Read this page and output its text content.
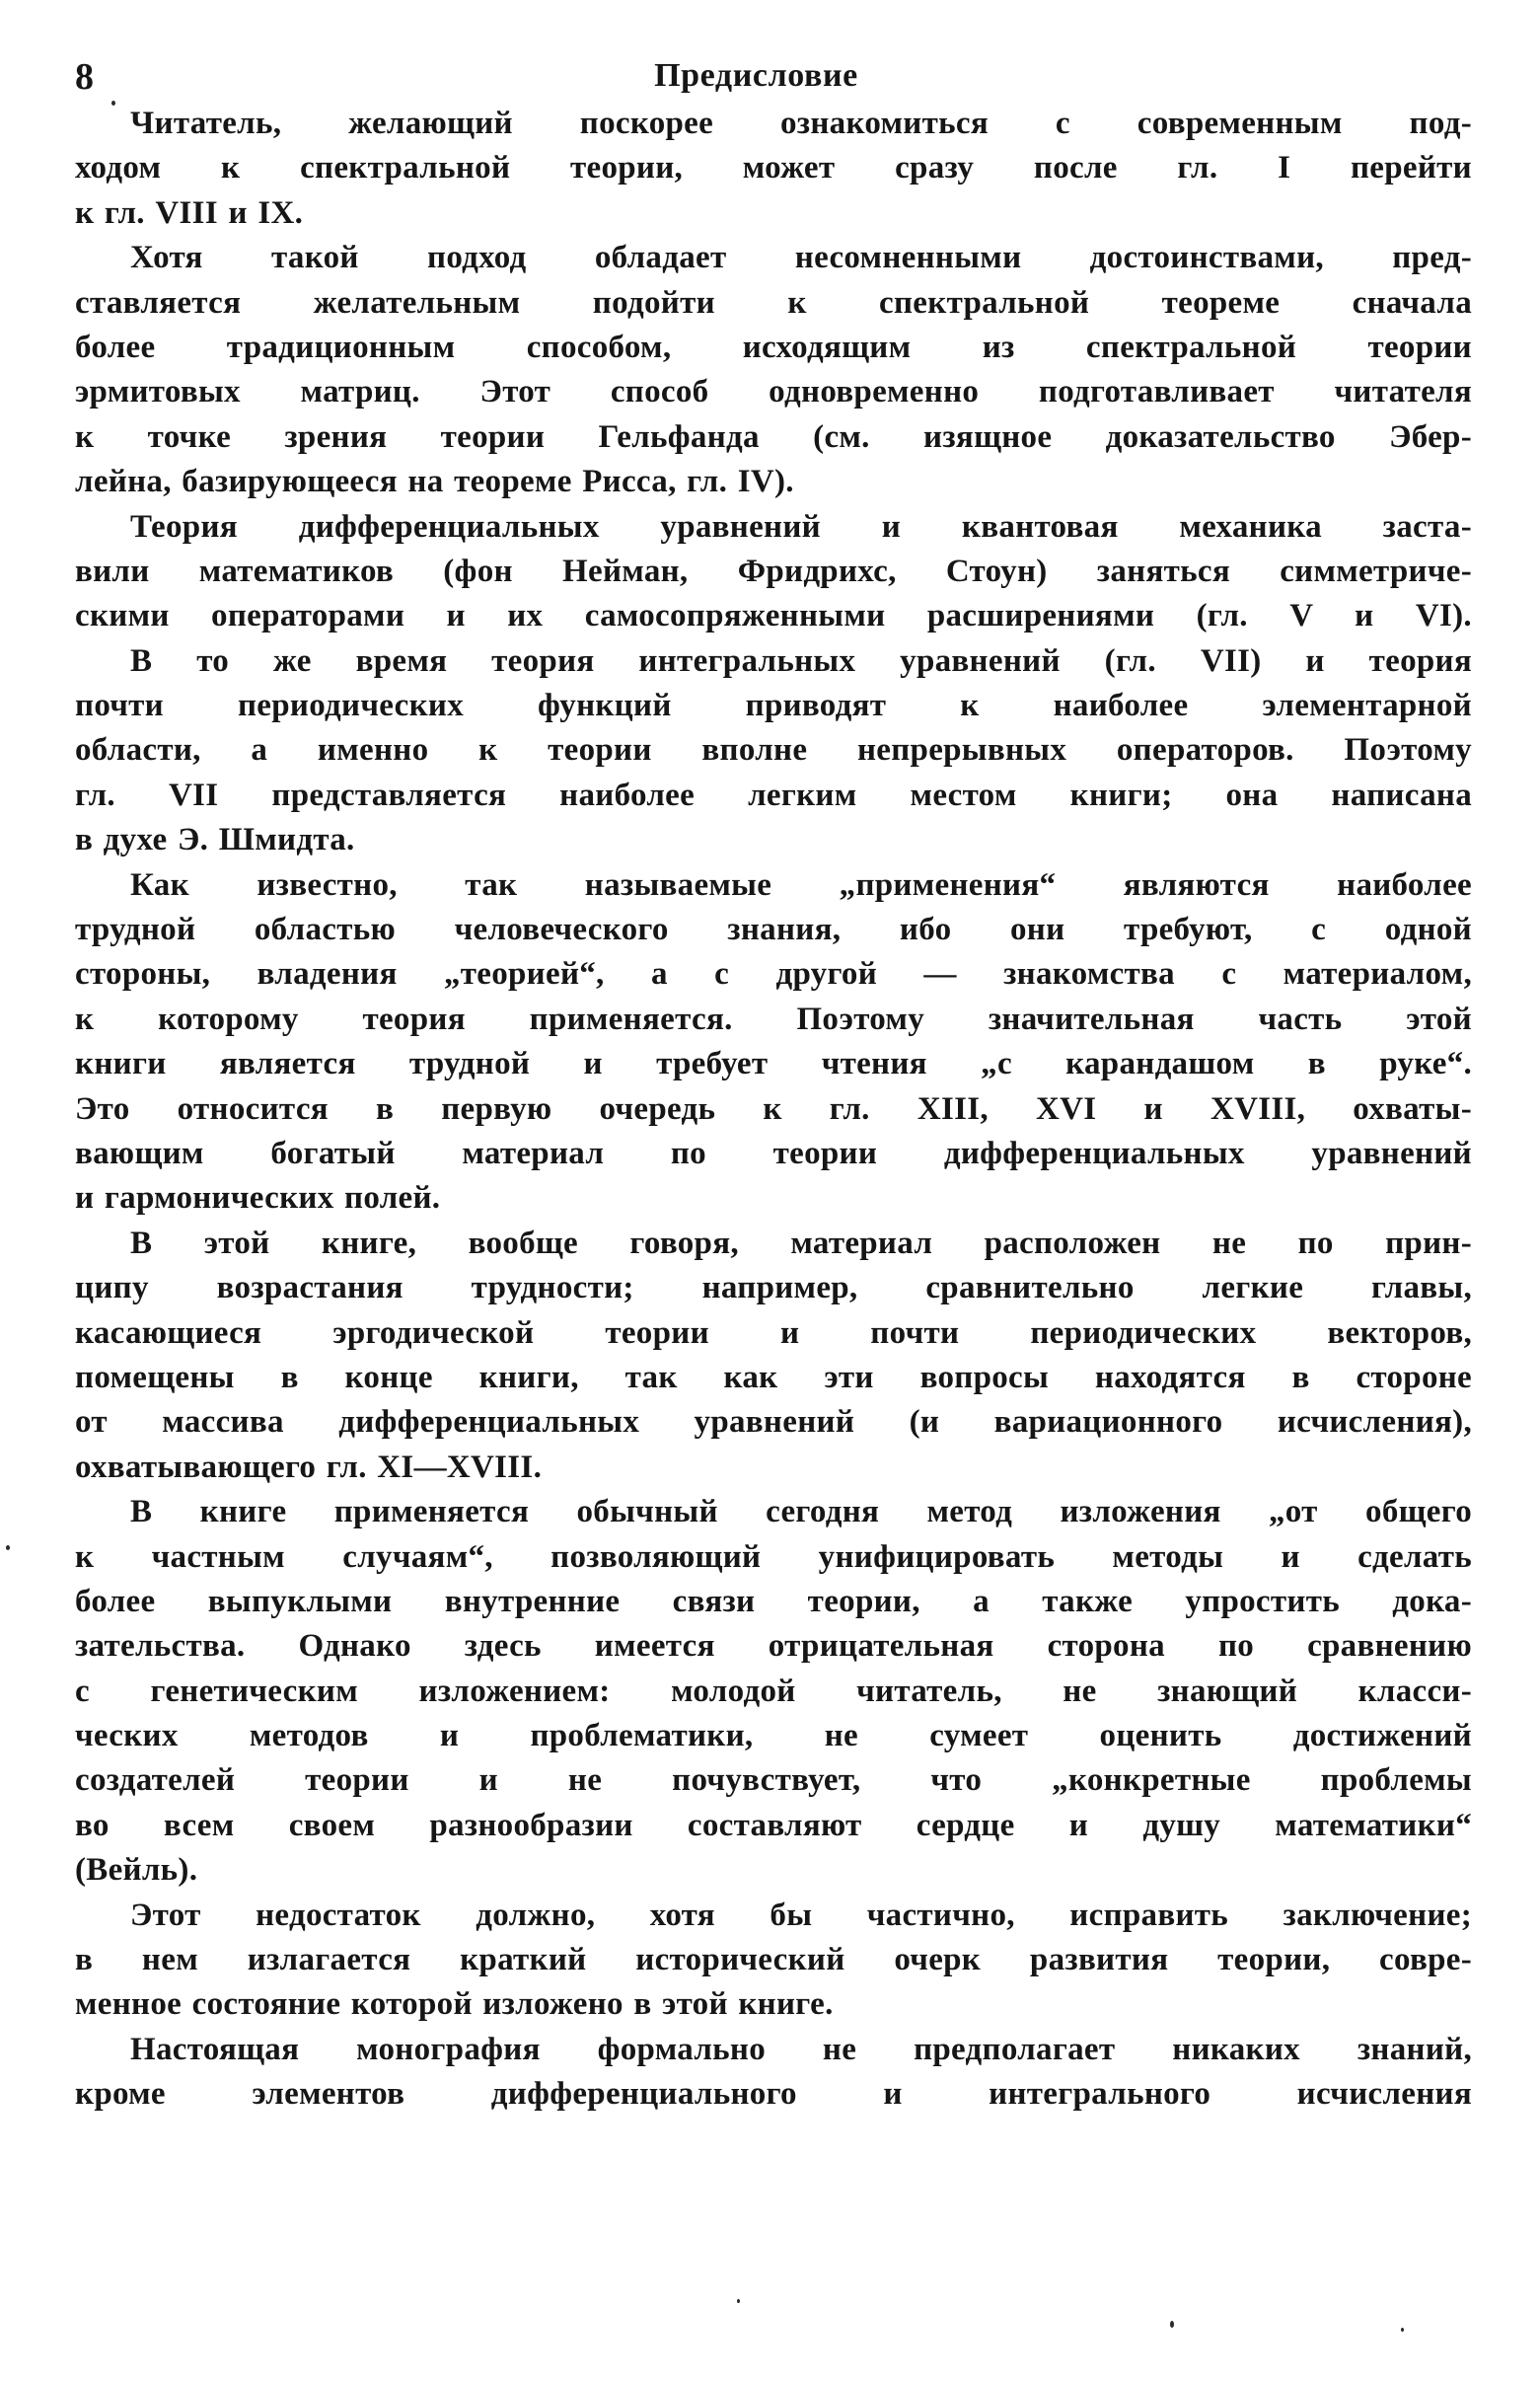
8	Предисловие
Читатель, желающий поскорее ознакомиться с современным под-
ходом к спектральной теории, может сразу после гл. I перейти
к гл. VIII и IX.
Хотя такой подход обладает несомненными достоинствами, пред-
ставляется желательным подойти к спектральной теореме сначала
более традиционным способом, исходящим из спектральной теории
эрмитовых матриц. Этот способ одновременно подготавливает читателя
к точке зрения теории Гельфанда (см. изящное доказательство Эбер-
лейна, базирующееся на теореме Рисса, гл. IV).
Теория дифференциальных уравнений и квантовая механика заста-
вили математиков (фон Нейман, Фридрихс, Стоун) заняться симметриче-
скими операторами и их самосопряженными расширениями (гл. V и VI).
В то же время теория интегральных уравнений (гл. VII) и теория
почти периодических функций приводят к наиболее элементарной
области, а именно к теории вполне непрерывных операторов. Поэтому
гл. VII представляется наиболее легким местом книги; она написана
в духе Э. Шмидта.
Как известно, так называемые „применения“ являются наиболее
трудной областью человеческого знания, ибо они требуют, с одной
стороны, владения „теорией“, а с другой — знакомства с материалом,
к которому теория применяется. Поэтому значительная часть этой
книги является трудной и требует чтения „с карандашом в руке“.
Это относится в первую очередь к гл. XIII, XVI и XVIII, охваты-
вающим богатый материал по теории дифференциальных уравнений
и гармонических полей.
В этой книге, вообще говоря, материал расположен не по прин-
ципу возрастания трудности; например, сравнительно легкие главы,
касающиеся эргодической теории и почти периодических векторов,
помещены в конце книги, так как эти вопросы находятся в стороне
от массива дифференциальных уравнений (и вариационного исчисления),
охватывающего гл. XI—XVIII.
В книге применяется обычный сегодня метод изложения „от общего
к частным случаям“, позволяющий унифицировать методы и сделать
более выпуклыми внутренние связи теории, а также упростить дока-
зательства. Однако здесь имеется отрицательная сторона по сравнению
с генетическим изложением: молодой читатель, не знающий класси-
ческих методов и проблематики, не сумеет оценить достижений
создателей теории и не почувствует, что „конкретные проблемы
во всем своем разнообразии составляют сердце и душу математики“
(Вейль).
Этот недостаток должно, хотя бы частично, исправить заключение;
в нем излагается краткий исторический очерк развития теории, совре-
менное состояние которой изложено в этой книге.
Настоящая монография формально не предполагает никаких знаний,
кроме элементов дифференциального и интегрального исчисления
